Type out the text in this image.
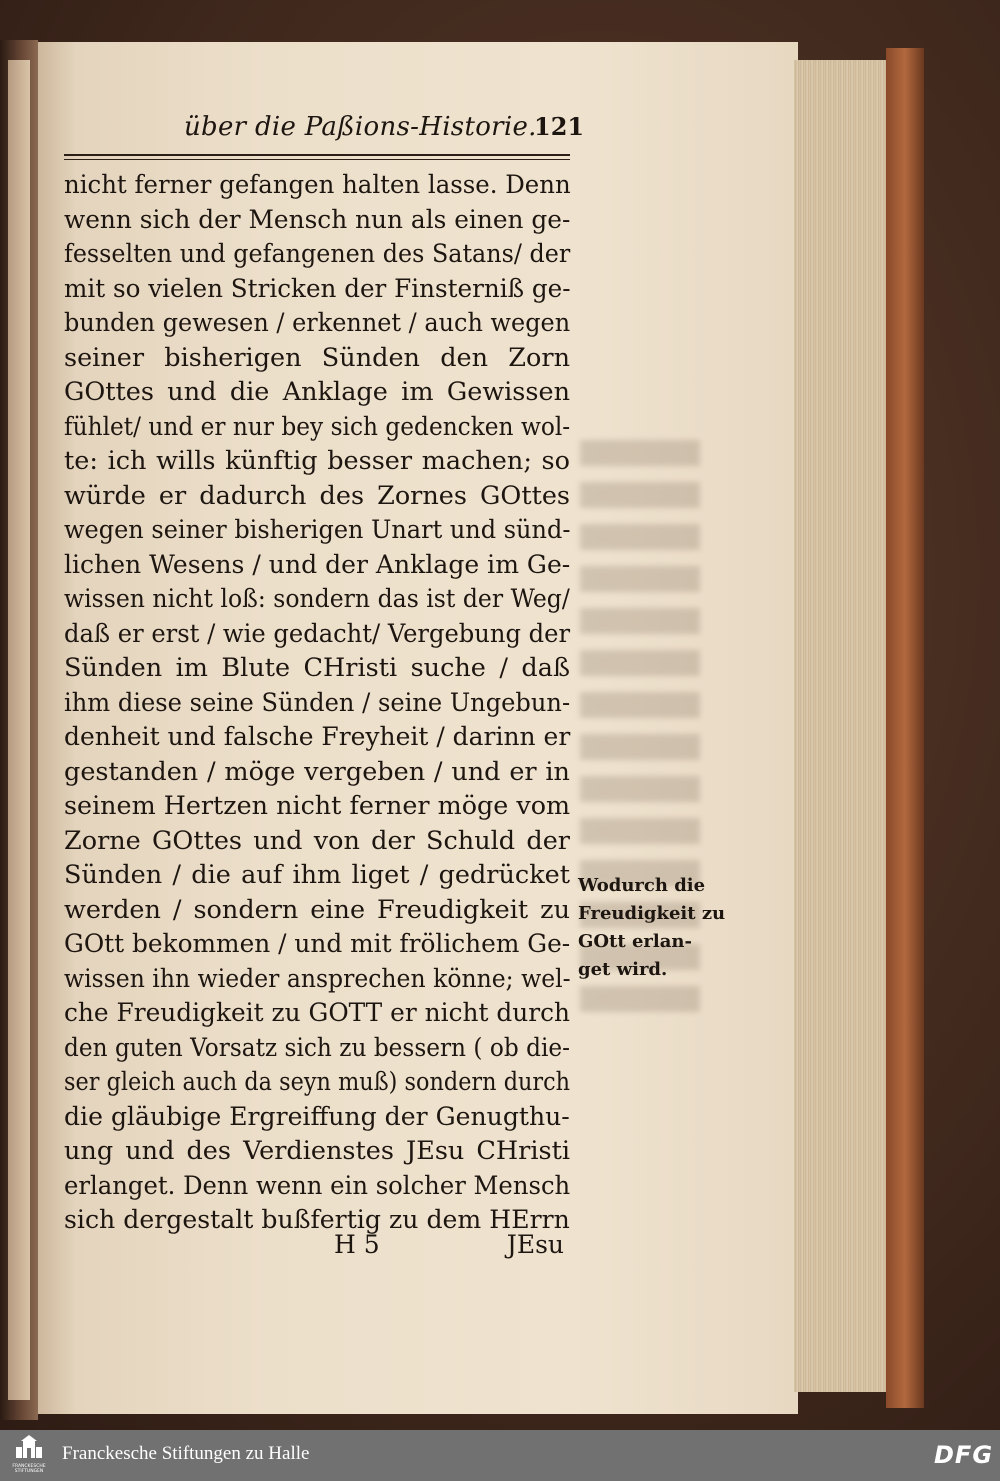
über die Paßions-Historie.
121
nicht ferner gefangen halten lasse. Denn
wenn sich der Mensch nun als einen ge-
fesselten und gefangenen des Satans/ der
mit so vielen Stricken der Finsterniß ge-
bunden gewesen / erkennet / auch wegen
seiner bisherigen Sünden den Zorn
GOttes und die Anklage im Gewissen
fühlet/ und er nur bey sich gedencken wol-
te: ich wills künftig besser machen; so
würde er dadurch des Zornes GOttes
wegen seiner bisherigen Unart und sünd-
lichen Wesens / und der Anklage im Ge-
wissen nicht loß: sondern das ist der Weg/
daß er erst / wie gedacht/ Vergebung der
Sünden im Blute CHristi suche / daß
ihm diese seine Sünden / seine Ungebun-
denheit und falsche Freyheit / darinn er
gestanden / möge vergeben / und er in
seinem Hertzen nicht ferner möge vom
Zorne GOttes und von der Schuld der
Sünden / die auf ihm liget / gedrücket
werden / sondern eine Freudigkeit zu
GOtt bekommen / und mit frölichem Ge-
wissen ihn wieder ansprechen könne; wel-
che Freudigkeit zu GOTT er nicht durch
den guten Vorsatz sich zu bessern ( ob die-
ser gleich auch da seyn muß) sondern durch
die gläubige Ergreiffung der Genugthu-
ung und des Verdienstes JEsu CHristi
erlanget. Denn wenn ein solcher Mensch
sich dergestalt bußfertig zu dem HErrn
H 5	JEsu
Wodurch die
Freudigkeit zu
GOtt erlan-
get wird.
FRANCKESCHE STIFTUNGEN
Franckesche Stiftungen zu Halle	DFG
